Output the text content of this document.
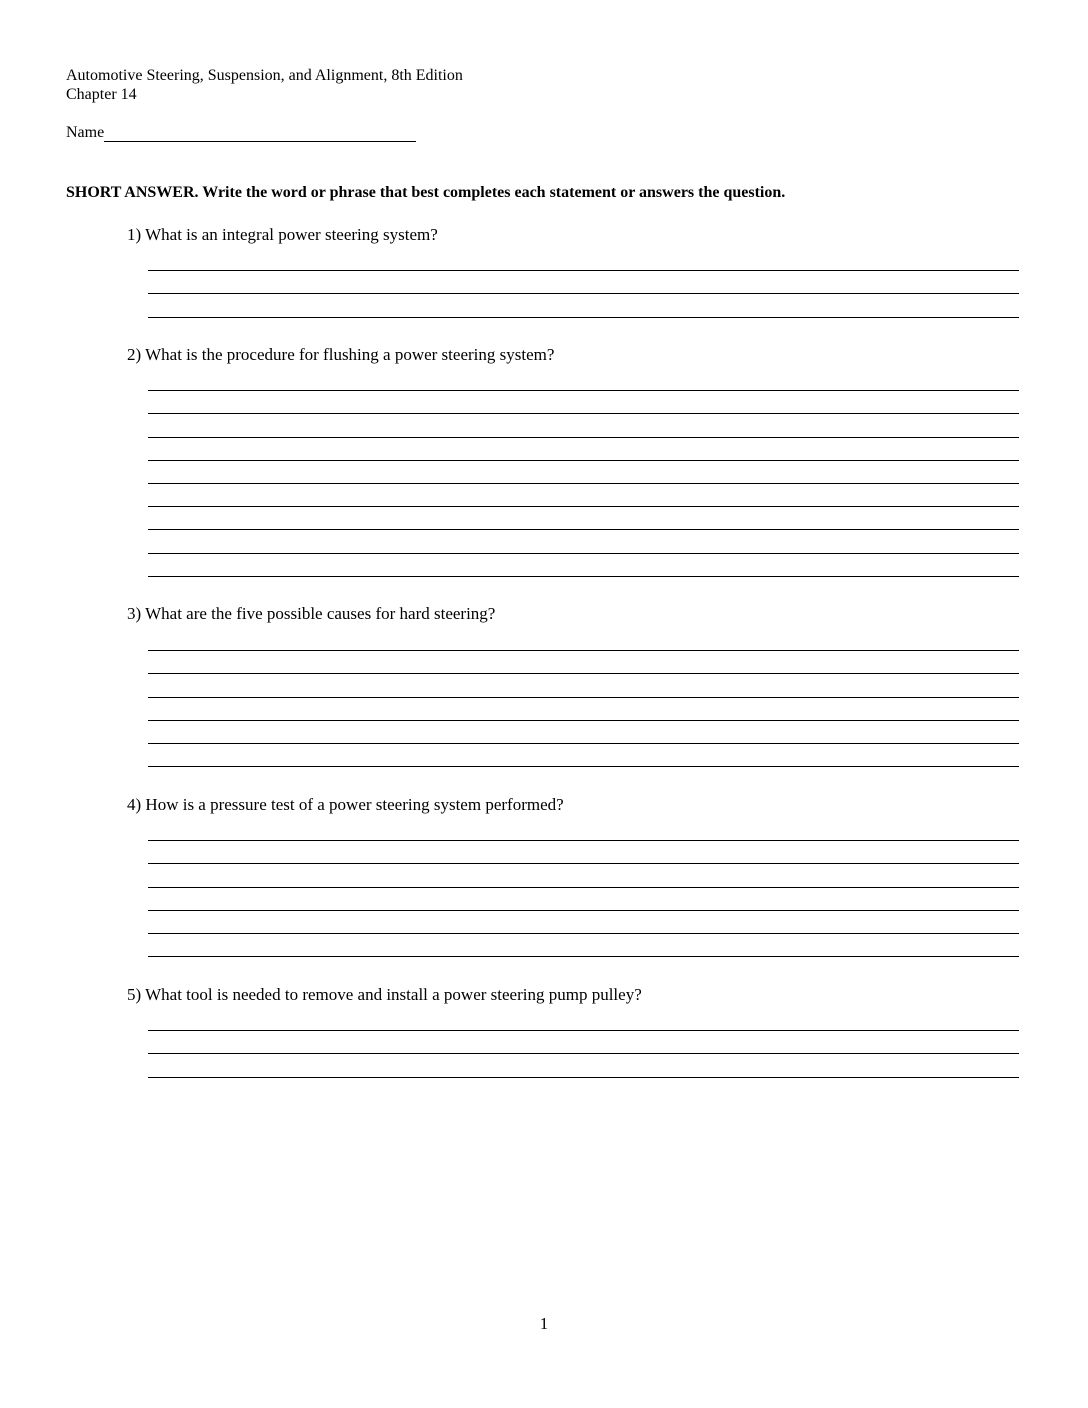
Automotive Steering, Suspension, and Alignment, 8th Edition
Chapter 14
Name
SHORT ANSWER. Write the word or phrase that best completes each statement or answers the question.
1) What is an integral power steering system?
2) What is the procedure for flushing a power steering system?
3) What are the five possible causes for hard steering?
4) How is a pressure test of a power steering system performed?
5) What tool is needed to remove and install a power steering pump pulley?
1
